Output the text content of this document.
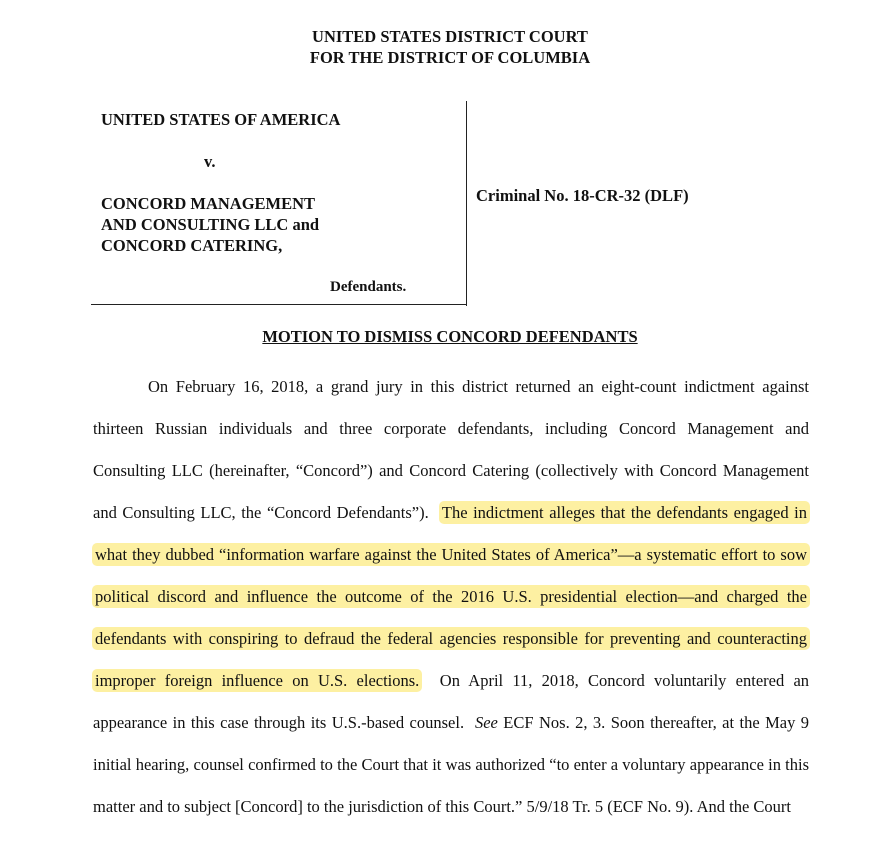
UNITED STATES DISTRICT COURT
FOR THE DISTRICT OF COLUMBIA
UNITED STATES OF AMERICA
v.
CONCORD MANAGEMENT
AND CONSULTING LLC and
CONCORD CATERING,
Defendants.
Criminal No. 18-CR-32 (DLF)
MOTION TO DISMISS CONCORD DEFENDANTS
On February 16, 2018, a grand jury in this district returned an eight-count indictment against thirteen Russian individuals and three corporate defendants, including Concord Management and Consulting LLC (hereinafter, “Concord”) and Concord Catering (collectively with Concord Management and Consulting LLC, the “Concord Defendants”). The indictment alleges that the defendants engaged in what they dubbed “information warfare against the United States of America”—a systematic effort to sow political discord and influence the outcome of the 2016 U.S. presidential election—and charged the defendants with conspiring to defraud the federal agencies responsible for preventing and counteracting improper foreign influence on U.S. elections. On April 11, 2018, Concord voluntarily entered an appearance in this case through its U.S.-based counsel. See ECF Nos. 2, 3. Soon thereafter, at the May 9 initial hearing, counsel confirmed to the Court that it was authorized “to enter a voluntary appearance in this matter and to subject [Concord] to the jurisdiction of this Court.” 5/9/18 Tr. 5 (ECF No. 9). And the Court
